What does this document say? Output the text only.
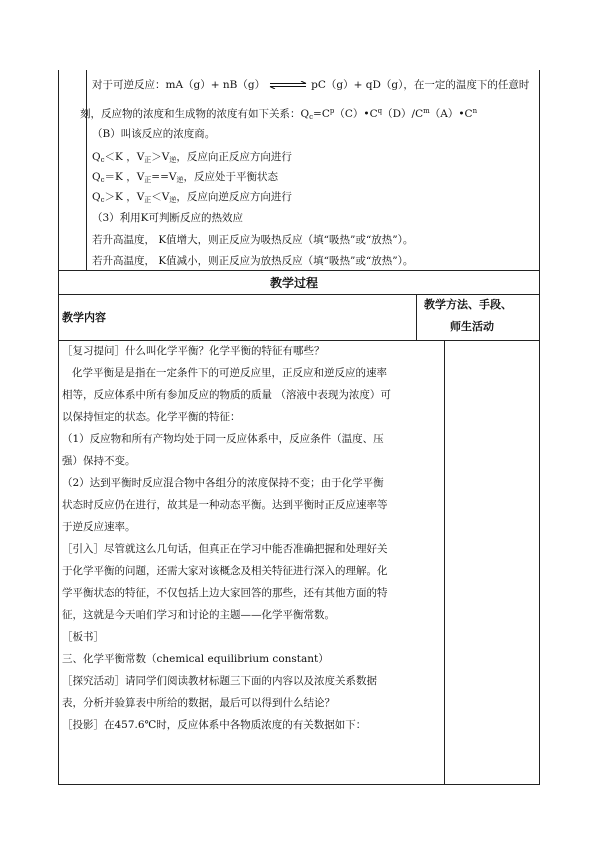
对于可逆反应：mA（g）+ nB（g） ⇌ pC（g）+ qD（g），在一定的温度下的任意时
刻，反应物的浓度和生成物的浓度有如下关系：$Q_c=C^p(C)•C^q(D)/C^m(A)•C^n$
（B）叫该反应的浓度商。
$Q_c<K$ ，$V_正>V_逆$，反应向正反应方向进行
$Q_c=K$ ，$V_正==V_逆$，反应处于平衡状态
$Q_c>K$ ，$V_正<V_逆$，反应向逆反应方向进行
（3）利用K可判断反应的热效应
若升高温度， K值增大，则正反应为吸热反应（填“吸热”或“放热”）。
若升高温度， K值减小，则正反应为放热反应（填“吸热”或“放热”）。
教学过程
教学内容
教学方法、手段、
师生活动
［复习提问］什么叫化学平衡？化学平衡的特征有哪些？
化学平衡是是指在一定条件下的可逆反应里，正反应和逆反应的速率
相等，反应体系中所有参加反应的物质的质量 （溶液中表现为浓度）可
以保持恒定的状态。化学平衡的特征：
（1）反应物和所有产物均处于同一反应体系中，反应条件（温度、压
强）保持不变。
（2）达到平衡时反应混合物中各组分的浓度保持不变；由于化学平衡
状态时反应仍在进行，故其是一种动态平衡。达到平衡时正反应速率等
于逆反应速率。
［引入］尽管就这么几句话，但真正在学习中能否准确把握和处理好关
于化学平衡的问题，还需大家对该概念及相关特征进行深入的理解。化
学平衡状态的特征，不仅包括上边大家回答的那些，还有其他方面的特
征，这就是今天咱们学习和讨论的主题——化学平衡常数。
［板书］
三、化学平衡常数（chemical equilibrium constant）
［探究活动］请同学们阅读教材标题三下面的内容以及浓度关系数据
表，分析并验算表中所给的数据，最后可以得到什么结论？
［投影］在457.6℃时，反应体系中各物质浓度的有关数据如下：
